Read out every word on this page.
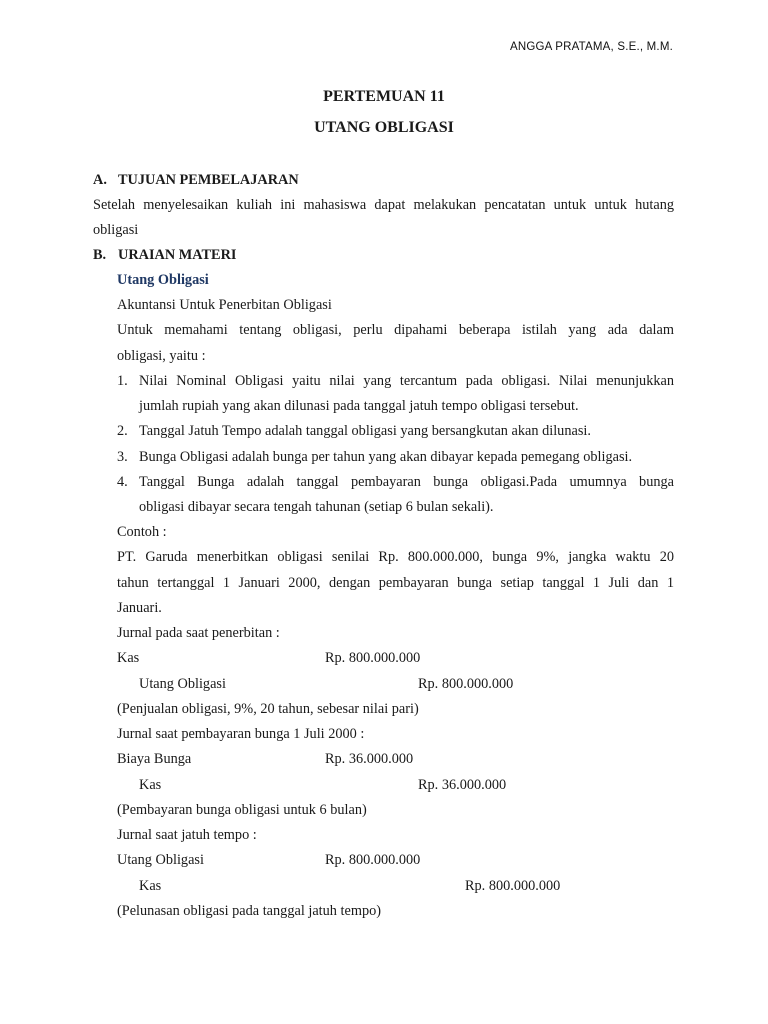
ANGGA PRATAMA, S.E., M.M.
PERTEMUAN 11
UTANG OBLIGASI
A. TUJUAN PEMBELAJARAN
Setelah menyelesaikan kuliah ini mahasiswa dapat melakukan pencatatan untuk untuk hutang
obligasi
B. URAIAN MATERI
Utang Obligasi
Akuntansi Untuk Penerbitan Obligasi
Untuk memahami tentang obligasi, perlu dipahami beberapa istilah yang ada dalam
obligasi, yaitu :
1. Nilai Nominal Obligasi yaitu nilai yang tercantum pada obligasi. Nilai menunjukkan
jumlah rupiah yang akan dilunasi pada tanggal jatuh tempo obligasi tersebut.
2. Tanggal Jatuh Tempo adalah tanggal obligasi yang bersangkutan akan dilunasi.
3. Bunga Obligasi adalah bunga per tahun yang akan dibayar kepada pemegang obligasi.
4. Tanggal Bunga adalah tanggal pembayaran bunga obligasi.Pada umumnya bunga
obligasi dibayar secara tengah tahunan (setiap 6 bulan sekali).
Contoh :
PT. Garuda menerbitkan obligasi senilai Rp. 800.000.000, bunga 9%, jangka waktu 20
tahun tertanggal 1 Januari 2000, dengan pembayaran bunga setiap tanggal 1 Juli dan 1
Januari.
Jurnal pada saat penerbitan :
Kas	Rp. 800.000.000
Utang Obligasi	Rp. 800.000.000
(Penjualan obligasi, 9%, 20 tahun, sebesar nilai pari)
Jurnal saat pembayaran bunga 1 Juli 2000 :
Biaya Bunga	Rp. 36.000.000
Kas	Rp. 36.000.000
(Pembayaran bunga obligasi untuk 6 bulan)
Jurnal saat jatuh tempo :
Utang Obligasi	Rp. 800.000.000
Kas	Rp. 800.000.000
(Pelunasan obligasi pada tanggal jatuh tempo)
